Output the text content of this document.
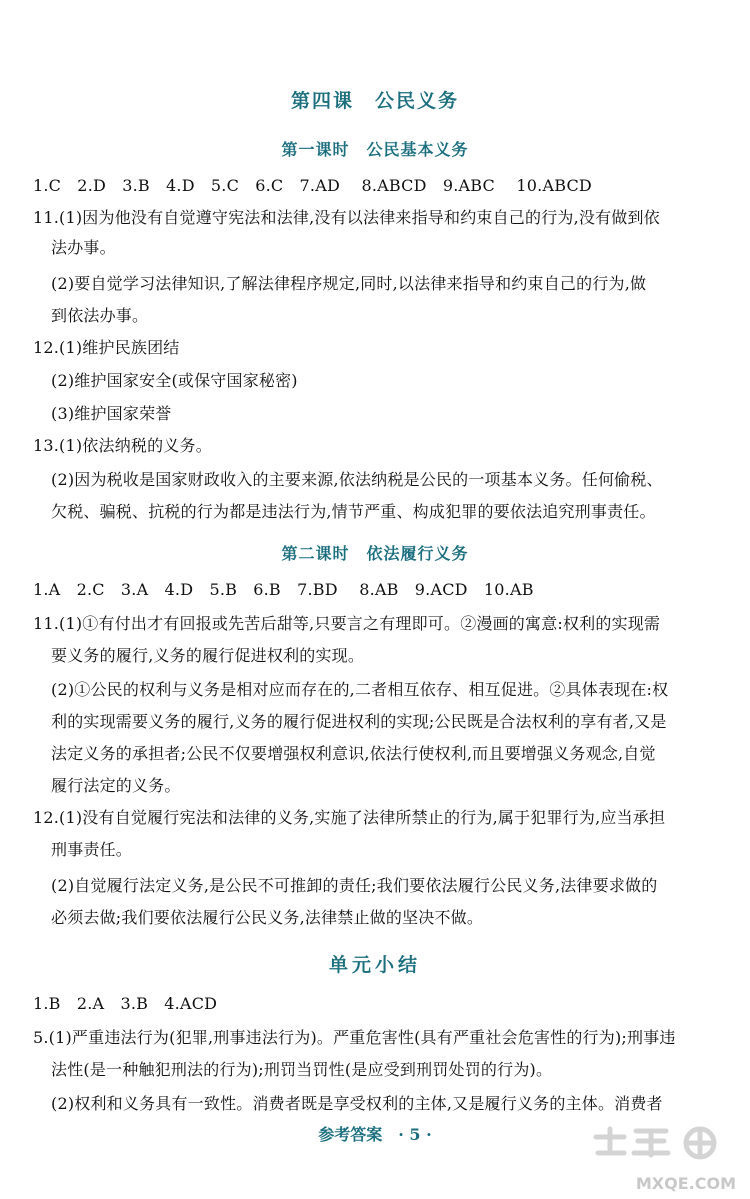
第四课　公民义务
第一课时　公民基本义务
1.C　2.D　3.B　4.D　5.C　6.C　7.AD　 8.ABCD　9.ABC　 10.ABCD
11.(1)因为他没有自觉遵守宪法和法律,没有以法律来指导和约束自己的行为,没有做到依
法办事。
(2)要自觉学习法律知识,了解法律程序规定,同时,以法律来指导和约束自己的行为,做
到依法办事。
12.(1)维护民族团结
(2)维护国家安全(或保守国家秘密)
(3)维护国家荣誉
13.(1)依法纳税的义务。
(2)因为税收是国家财政收入的主要来源,依法纳税是公民的一项基本义务。任何偷税、
欠税、骗税、抗税的行为都是违法行为,情节严重、构成犯罪的要依法追究刑事责任。
第二课时　依法履行义务
1.A　2.C　3.A　4.D　5.B　6.B　7.BD　 8.AB　9.ACD　10.AB
11.(1)①有付出才有回报或先苦后甜等,只要言之有理即可。②漫画的寓意:权利的实现需
要义务的履行,义务的履行促进权利的实现。
(2)①公民的权利与义务是相对应而存在的,二者相互依存、相互促进。②具体表现在:权
利的实现需要义务的履行,义务的履行促进权利的实现;公民既是合法权利的享有者,又是
法定义务的承担者;公民不仅要增强权利意识,依法行使权利,而且要增强义务观念,自觉
履行法定的义务。
12.(1)没有自觉履行宪法和法律的义务,实施了法律所禁止的行为,属于犯罪行为,应当承担
刑事责任。
(2)自觉履行法定义务,是公民不可推卸的责任;我们要依法履行公民义务,法律要求做的
必须去做;我们要依法履行公民义务,法律禁止做的坚决不做。
单元小结
1.B　2.A　3.B　4.ACD
5.(1)严重违法行为(犯罪,刑事违法行为)。严重危害性(具有严重社会危害性的行为);刑事违
法性(是一种触犯刑法的行为);刑罚当罚性(是应受到刑罚处罚的行为)。
(2)权利和义务具有一致性。消费者既是享受权利的主体,又是履行义务的主体。消费者
参考答案　· 5 ·
MXQE.COM
